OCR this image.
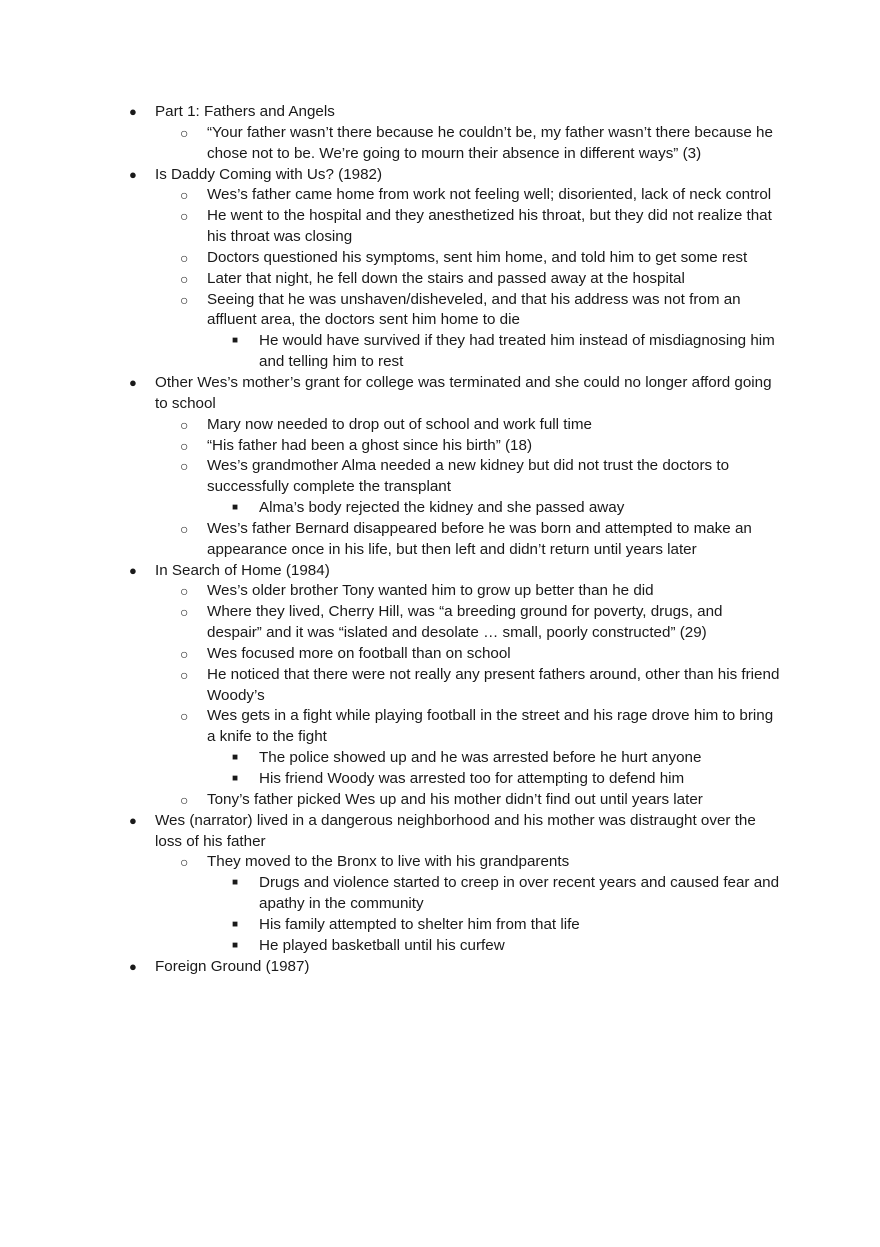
● Part 1: Fathers and Angels
○ “Your father wasn’t there because he couldn’t be, my father wasn’t there because he chose not to be. We’re going to mourn their absence in different ways” (3)
● Is Daddy Coming with Us? (1982)
○ Wes’s father came home from work not feeling well; disoriented, lack of neck control
○ He went to the hospital and they anesthetized his throat, but they did not realize that his throat was closing
○ Doctors questioned his symptoms, sent him home, and told him to get some rest
○ Later that night, he fell down the stairs and passed away at the hospital
○ Seeing that he was unshaven/disheveled, and that his address was not from an affluent area, the doctors sent him home to die
■ He would have survived if they had treated him instead of misdiagnosing him and telling him to rest
● Other Wes’s mother’s grant for college was terminated and she could no longer afford going to school
○ Mary now needed to drop out of school and work full time
○ “His father had been a ghost since his birth” (18)
○ Wes’s grandmother Alma needed a new kidney but did not trust the doctors to successfully complete the transplant
■ Alma’s body rejected the kidney and she passed away
○ Wes’s father Bernard disappeared before he was born and attempted to make an appearance once in his life, but then left and didn’t return until years later
● In Search of Home (1984)
○ Wes’s older brother Tony wanted him to grow up better than he did
○ Where they lived, Cherry Hill, was “a breeding ground for poverty, drugs, and despair” and it was “islated and desolate … small, poorly constructed” (29)
○ Wes focused more on football than on school
○ He noticed that there were not really any present fathers around, other than his friend Woody’s
○ Wes gets in a fight while playing football in the street and his rage drove him to bring a knife to the fight
■ The police showed up and he was arrested before he hurt anyone
■ His friend Woody was arrested too for attempting to defend him
○ Tony’s father picked Wes up and his mother didn’t find out until years later
● Wes (narrator) lived in a dangerous neighborhood and his mother was distraught over the loss of his father
○ They moved to the Bronx to live with his grandparents
■ Drugs and violence started to creep in over recent years and caused fear and apathy in the community
■ His family attempted to shelter him from that life
■ He played basketball until his curfew
● Foreign Ground (1987)
